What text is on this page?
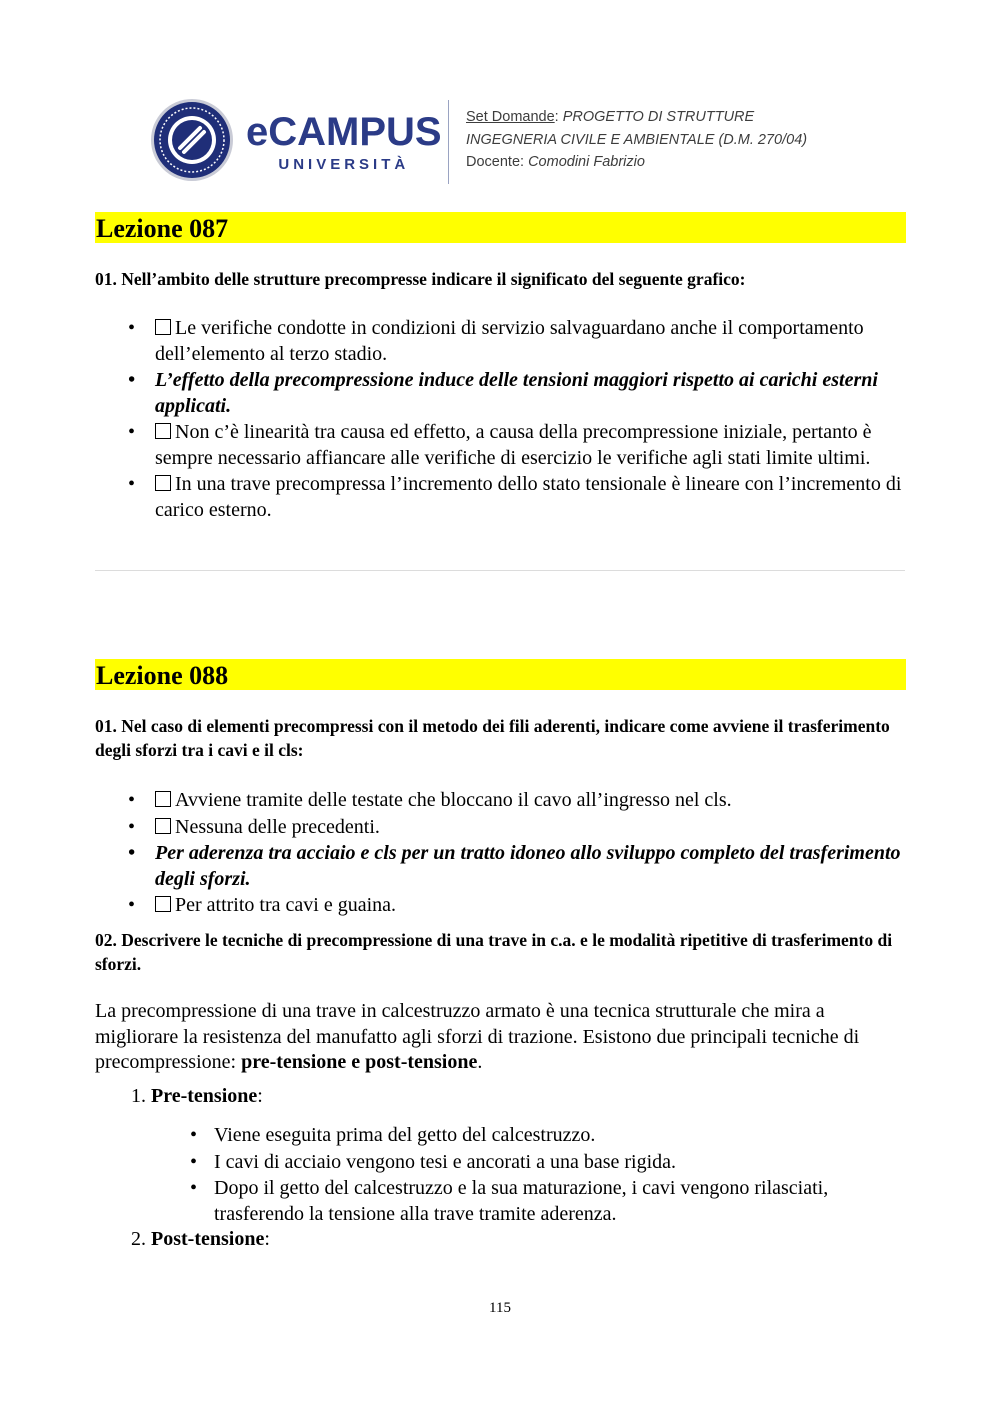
eCAMPUS
UNIVERSITÀ
Set Domande: PROGETTO DI STRUTTURE
INGEGNERIA CIVILE E AMBIENTALE (D.M. 270/04)
Docente: Comodini Fabrizio
Lezione 087
01. Nell’ambito delle strutture precompresse indicare il significato del seguente grafico:
• Le verifiche condotte in condizioni di servizio salvaguardano anche il comportamento dell’elemento al terzo stadio.
• L’effetto della precompressione induce delle tensioni maggiori rispetto ai carichi esterni applicati.
• Non c’è linearità tra causa ed effetto, a causa della precompressione iniziale, pertanto è sempre necessario affiancare alle verifiche di esercizio le verifiche agli stati limite ultimi.
• In una trave precompressa l’incremento dello stato tensionale è lineare con l’incremento di carico esterno.
Lezione 088
01. Nel caso di elementi precompressi con il metodo dei fili aderenti, indicare come avviene il trasferimento degli sforzi tra i cavi e il cls:
• Avviene tramite delle testate che bloccano il cavo all’ingresso nel cls.
• Nessuna delle precedenti.
• Per aderenza tra acciaio e cls per un tratto idoneo allo sviluppo completo del trasferimento degli sforzi.
• Per attrito tra cavi e guaina.
02. Descrivere le tecniche di precompressione di una trave in c.a. e le modalità ripetitive di trasferimento di sforzi.
La precompressione di una trave in calcestruzzo armato è una tecnica strutturale che mira a migliorare la resistenza del manufatto agli sforzi di trazione. Esistono due principali tecniche di precompressione: pre-tensione e post-tensione.
1. Pre-tensione:
• Viene eseguita prima del getto del calcestruzzo.
• I cavi di acciaio vengono tesi e ancorati a una base rigida.
• Dopo il getto del calcestruzzo e la sua maturazione, i cavi vengono rilasciati, trasferendo la tensione alla trave tramite aderenza.
2. Post-tensione:
115
